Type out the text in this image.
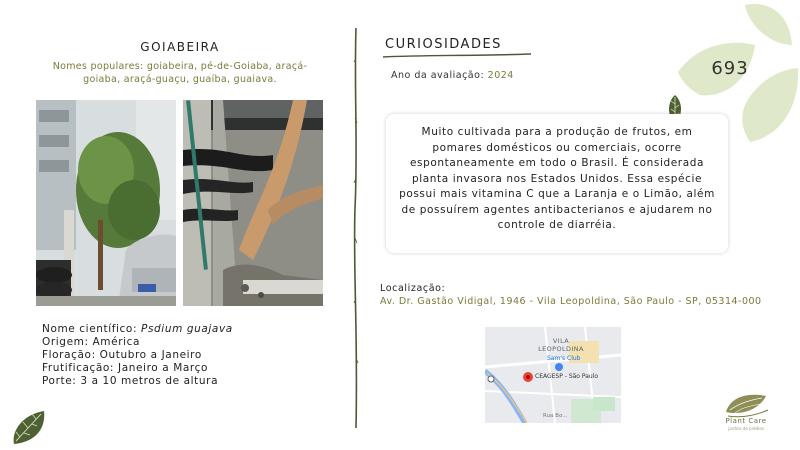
693
GOIABEIRA
Nomes populares: goiabeira, pé-de-Goiaba, araçá-goiaba, araçá-guaçu, guaíba, guaiava.
Nome científico: Psdium guajava
Origem: América
Floração: Outubro a Janeiro
Frutificação: Janeiro a Março
Porte: 3 a 10 metros de altura
CURIOSIDADES
Ano da avaliação: 2024
Muito cultivada para a produção de frutos, em pomares domésticos ou comerciais, ocorre espontaneamente em todo o Brasil. É considerada planta invasora nos Estados Unidos. Essa espécie possui mais vitamina C que a Laranja e o Limão, além de possuírem agentes antibacterianos e ajudarem no controle de diarréia.
Localização:
Av. Dr. Gastão Vidigal, 1946 - Vila Leopoldina, São Paulo - SP, 05314-000
VILA
LEOPOLDINA
Sam's Club
CEAGESP - São Paulo
Rua Bo...
Plant Care
jardins de prédios
